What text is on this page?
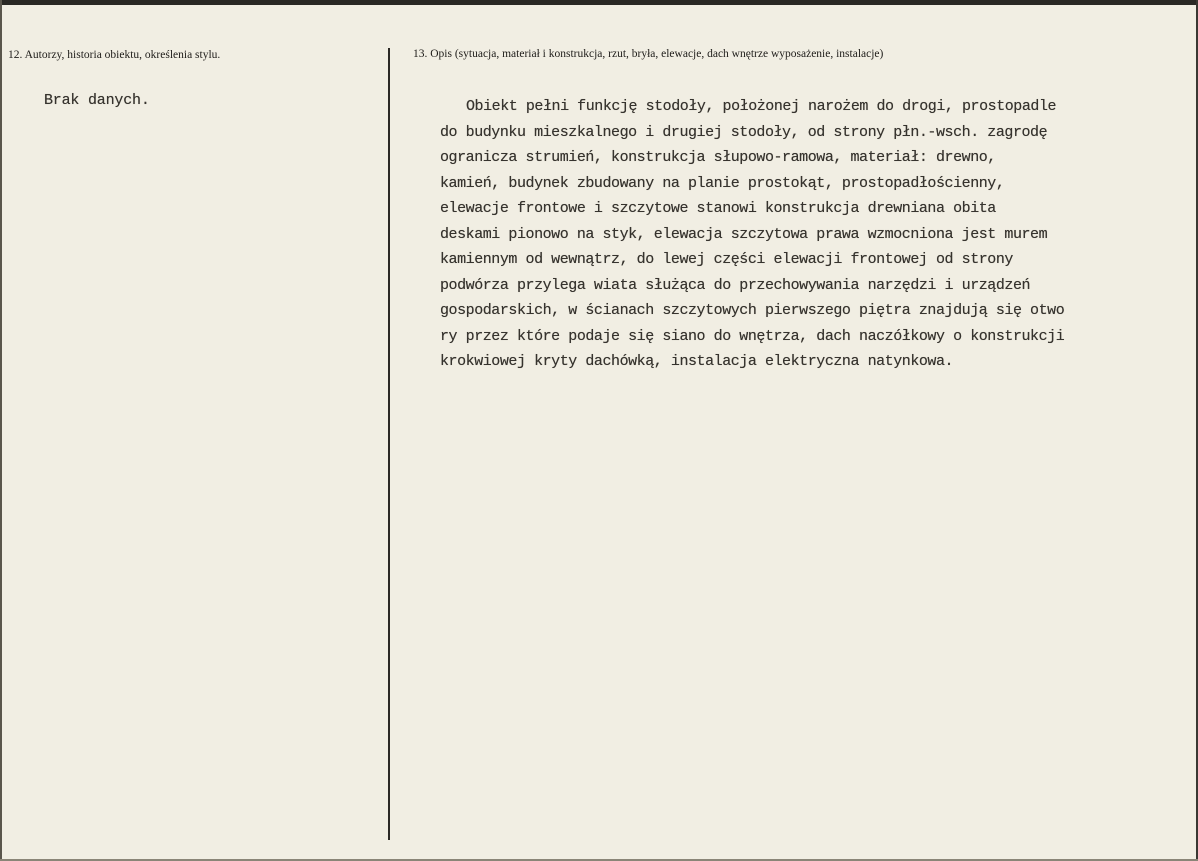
12. Autorzy, historia obiektu, określenia stylu.
Brak danych.
13. Opis (sytuacja, materiał i konstrukcja, rzut, bryła, elewacje, dach wnętrze wyposażenie, instalacje)
Obiekt pełni funkcję stodoły, położonej narożem do drogi, prostopadle
do budynku mieszkalnego i drugiej stodoły, od strony płn.-wsch. zagrodę
ogranicza strumień, konstrukcja słupowo-ramowa, materiał: drewno,
kamień, budynek zbudowany na planie prostokąt, prostopadłościenny,
elewacje frontowe i szczytowe stanowi konstrukcja drewniana obita
deskami pionowo na styk, elewacja szczytowa prawa wzmocniona jest murem
kamiennym od wewnątrz, do lewej części elewacji frontowej od strony
podwórza przylega wiata służąca do przechowywania narzędzi i urządzeń
gospodarskich, w ścianach szczytowych pierwszego piętra znajdują się otwo
ry przez które podaje się siano do wnętrza, dach naczółkowy o konstrukcji
krokwiowej kryty dachówką, instalacja elektryczna natynkowa.
